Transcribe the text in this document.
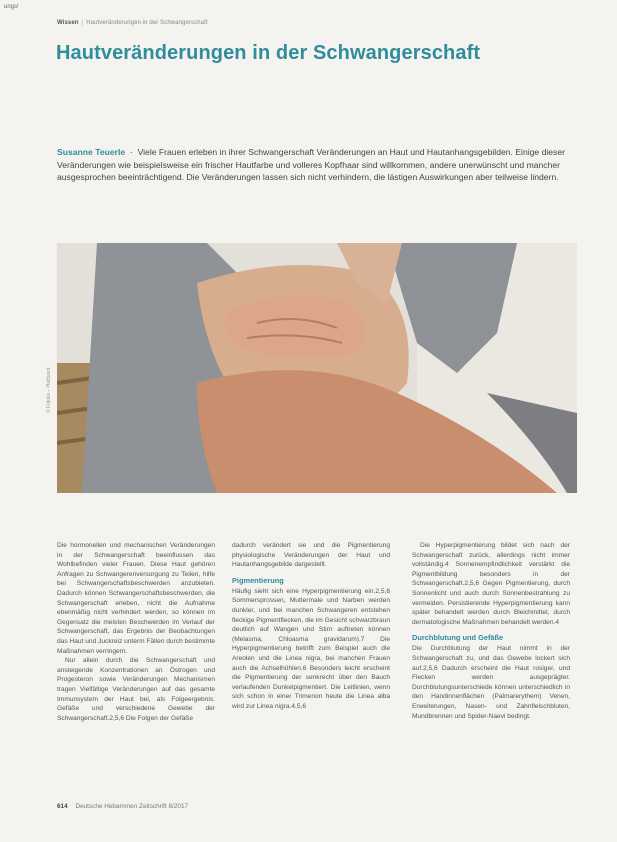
ungs!
Wissen | Hautveränderungen in der Schwangerschaft
Hautveränderungen in der Schwangerschaft
Susanne Teuerle  ·  Viele Frauen erleben in ihrer Schwangerschaft Veränderungen an Haut und Hautanhangsgebilden. Einige dieser Veränderungen wie beispielsweise ein frischer Hautfarbe und volleres Kopfhaar sind willkommen, andere unerwünscht und mancher ausgesprochen beeinträchtigend. Die Veränderungen lassen sich nicht verhindern, die lästigen Auswirkungen aber teilweise lindern.
© Fotolia – Halfpoint

Die hormonellen und mechanischen Veränderungen in der Schwangerschaft beeinflussen das Wohlbefinden vieler Frauen. Diese Haut gehören Anfragen zu Schwangerenversorgung zu Teilen, hilfe bei Schwangerschaftsbeschwerden anzubieten. Dadurch können Schwangerschaftsbeschwerden, die Schwangerschaft erleben, nicht die Aufnahme ebenmäßig nicht verhindert werden, so können im Gegensatz die meisten Beschwerden im Verlauf der Schwangerschaft, das Ergebnis der Beobachtungen das Haut und Juckreiz unterm Fällen durch bestimmte Maßnahmen verringern.

Nur allein durch die Schwangerschaft und ansteigende Konzentrationen an Östrogen und Progesteron sowie Veränderungen Mechanismen tragen Vielfältige Veränderungen auf das gesamte Immunsystem der Haut bei, als Folgeergebnis: Gefäße und verschiedene Gewebe der Schwangerschaft.2,5,6 Die Folgen der Gefäße

dadurch verändert sie und die Pigmentierung physiologische Veränderungen der Haut und Hautanhangsgebilde dargestellt.

Pigmentierung

Häufig sieht sich eine Hyperpigmentierung ein.2,5,6 Sommersprossen, Muttermale und Narben werden dunkler, und bei manchen Schwangeren entstehen fleckige Pigmentflecken, die im Gesicht schwarzbraun deutlich auf Wangen und Stirn auftreten können (Melasma, Chloasma gravidarum).7 Die Hyperpigmentierung betrifft zum Beispiel auch die Areolen und die Linea nigra, bei manchen Frauen auch die Achselhöhlen.6 Besonders leicht erscheint die Pigmentierung der senkrecht über den Bauch verlaufenden Dunkelpigmentiert. Die Leitlinien, wenn sich schon in einer Trimenon heute die Linea alba wird zur Linea nigra.4,5,6

Die Hyperpigmentierung bildet sich nach der Schwangerschaft zurück, allerdings nicht immer vollständig.4 Sonnenempfindlichkeit verstärkt die Pigmentbildung besonders in der Schwangerschaft.2,5,6 Gegen Pigmentierung, durch Sonnenlicht und auch durch Sonnenbestrahlung zu vermeiden. Persistierende Hyperpigmentierung kann später behandelt werden durch Bleichmittel, durch dermatologische Maßnahmen behandelt werden.4

Durchblutung und Gefäße

Die Durchblutung der Haut nimmt in der Schwangerschaft zu, und das Gewebe lockert sich auf.2,5,6 Dadurch erscheint die Haut rosiger, und Flecken werden ausgeprägter. Durchblutungsunterschiede können unterschiedlich in den Handinnenflächen (Palmarerythem) Venen, Erweiterungen, Nasen- und Zahnfleischbluten, Mundbrennen und Spider-Naevi bedingt.

614 Deutsche Hebammen Zeitschrift 8/2017
